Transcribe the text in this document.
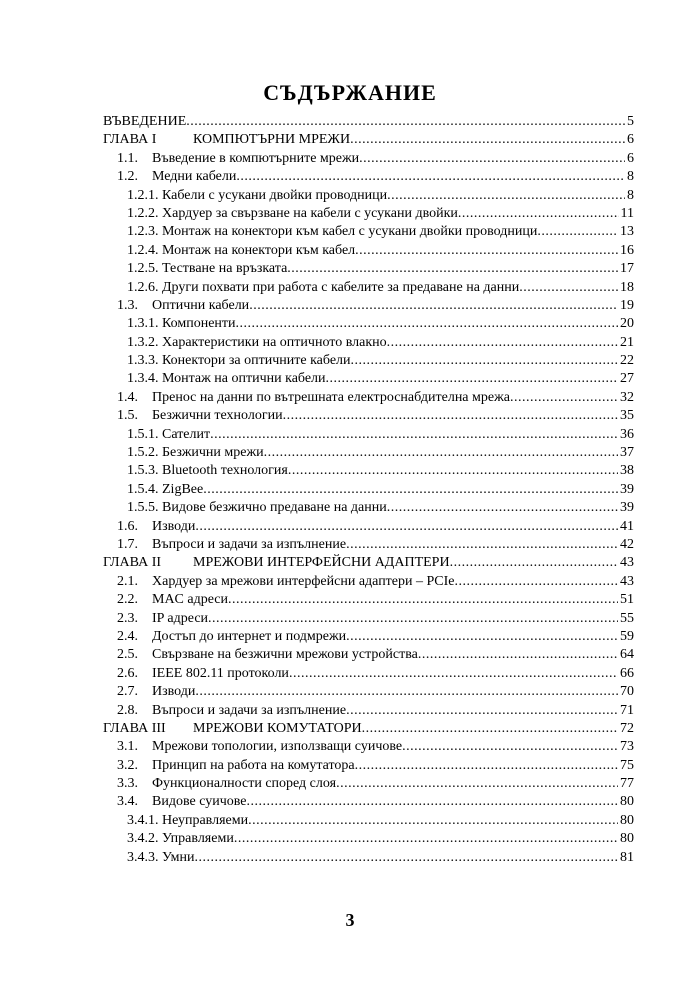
СЪДЪРЖАНИЕ
ВЪВЕДЕНИЕ .....	5
ГЛАВА I	КОМПЮТЪРНИ МРЕЖИ .....	6
1.1. Въведение в компютърните мрежи .....	6
1.2. Медни кабели .....	8
1.2.1. Кабели с усукани двойки проводници .....	8
1.2.2. Хардуер за свързване на кабели с усукани двойки .....	11
1.2.3. Монтаж на конектори към кабел с усукани двойки проводници .....	13
1.2.4. Монтаж на конектори към кабел .....	16
1.2.5. Тестване на връзката .....	17
1.2.6. Други похвати при работа с кабелите за предаване на данни .....	18
1.3. Оптични кабели .....	19
1.3.1. Компоненти .....	20
1.3.2. Характеристики на оптичното влакно .....	21
1.3.3. Конектори за оптичните кабели .....	22
1.3.4. Монтаж на оптични кабели .....	27
1.4. Пренос на данни по вътрешната електроснабдителна мрежа .....	32
1.5. Безжични технологии .....	35
1.5.1. Сателит .....	36
1.5.2. Безжични мрежи .....	37
1.5.3. Bluetooth технология .....	38
1.5.4. ZigBee .....	39
1.5.5. Видове безжично предаване на данни .....	39
1.6. Изводи .....	41
1.7. Въпроси и задачи за изпълнение .....	42
ГЛАВА II МРЕЖОВИ ИНТЕРФЕЙСНИ АДАПТЕРИ .....	43
2.1. Хардуер за мрежови интерфейсни адаптери – PCIe .....	43
2.2. MAC адреси .....	51
2.3. IP адреси .....	55
2.4. Достъп до интернет и подмрежи .....	59
2.5. Свързване на безжични мрежови устройства .....	64
2.6. IEEE 802.11 протоколи .....	66
2.7. Изводи .....	70
2.8. Въпроси и задачи за изпълнение .....	71
ГЛАВА III МРЕЖОВИ КОМУТАТОРИ .....	72
3.1. Мрежови топологии, използващи суичове .....	73
3.2. Принцип на работа на комутатора .....	75
3.3. Функционалности според слоя .....	77
3.4. Видове суичове .....	80
3.4.1. Неуправляеми .....	80
3.4.2. Управляеми .....	80
3.4.3. Умни .....	81
3
